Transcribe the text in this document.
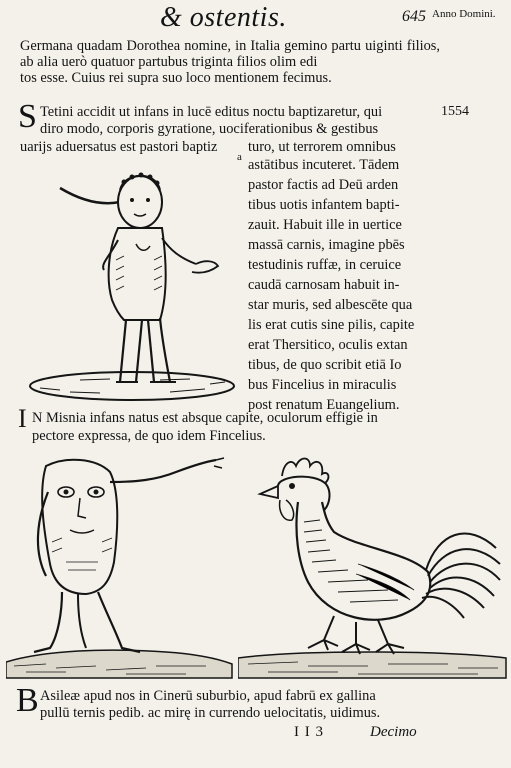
& ostentis.	645 Anno Domini.
Germana quadam Dorothea nomine, in Italia gemino partu uiginti filios, ab alia uerò quatuor partubus triginta filios olim edi
tos esse. Cuius rei supra suo loco mentionem fecimus.
S	1554
Tetini accidit ut infans in lucē editus noctu baptizaretur, qui
diro modo, corporis gyratione, uociferationibus & gestibus
uarijs aduersatus est pastori baptiz
a
turo, ut terrorem omnibus
astātibus incuteret. Tādem
pastor factis ad Deū arden
tibus uotis infantem bapti-
zauit. Habuit ille in uertice
massā carnis, imagine pbēs
testudinis ruffæ, in ceruice
caudā carnosam habuit in-
star muris, sed albescēte qua
lis erat cutis sine pilis, capite
erat Thersitico, oculis extan
tibus, de quo scribit etiā Io
bus Fincelius in miraculis
post renatum Euangelium.
I N Misnia infans natus est absque capite, oculorum effigie in
pectore expressa, de quo idem Fincelius.
B Asileæ apud nos in Cinerū suburbio, apud fabrū ex gallina
pullū ternis pedib. ac mirę in currendo uelocitatis, uidimus.
I I 3	Decimo
